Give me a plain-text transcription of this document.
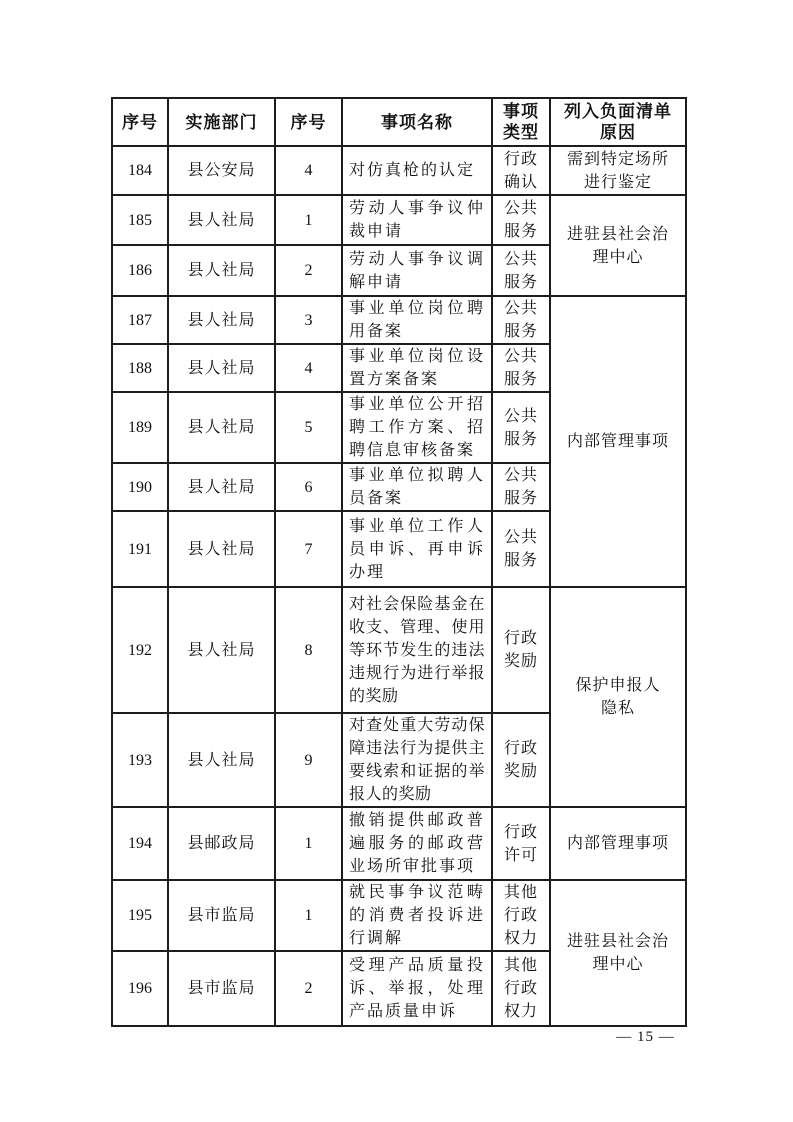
序号	实施部门	序号	事项名称	事项类型	列入负面清单原因
184	县公安局	4	对仿真枪的认定	行政确认	需到特定场所进行鉴定
185	县人社局	1	劳动人事争议仲裁申请	公共服务	进驻县社会治理中心
186	县人社局	2	劳动人事争议调解申请	公共服务	
187	县人社局	3	事业单位岗位聘用备案	公共服务	内部管理事项
188	县人社局	4	事业单位岗位设置方案备案	公共服务	
189	县人社局	5	事业单位公开招聘工作方案、招聘信息审核备案	公共服务	
190	县人社局	6	事业单位拟聘人员备案	公共服务	
191	县人社局	7	事业单位工作人员申诉、再申诉办理	公共服务	
192	县人社局	8	对社会保险基金在收支、管理、使用等环节发生的违法违规行为进行举报的奖励	行政奖励	保护申报人隐私
193	县人社局	9	对查处重大劳动保障违法行为提供主要线索和证据的举报人的奖励	行政奖励	
194	县邮政局	1	撤销提供邮政普遍服务的邮政营业场所审批事项	行政许可	内部管理事项
195	县市监局	1	就民事争议范畴的消费者投诉进行调解	其他行政权力	进驻县社会治理中心
196	县市监局	2	受理产品质量投诉、举报，处理产品质量申诉	其他行政权力	
— 15 —
